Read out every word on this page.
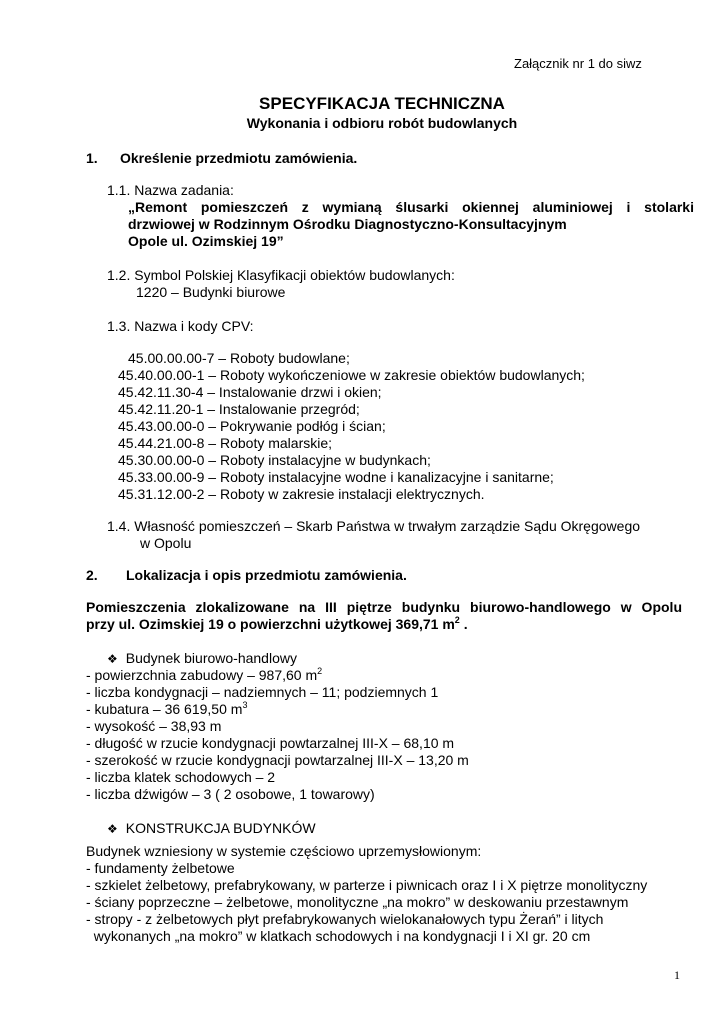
Załącznik nr 1 do siwz
SPECYFIKACJA TECHNICZNA
Wykonania i odbioru robót budowlanych
1. Określenie przedmiotu zamówienia.
1.1. Nazwa zadania:
„Remont pomieszczeń z wymianą ślusarki okiennej aluminiowej i stolarki
drzwiowej w Rodzinnym Ośrodku Diagnostyczno-Konsultacyjnym
Opole ul. Ozimskiej 19”
1.2. Symbol Polskiej Klasyfikacji obiektów budowlanych:
1220 – Budynki biurowe
1.3. Nazwa i kody CPV:
45.00.00.00-7 – Roboty budowlane;
45.40.00.00-1 – Roboty wykończeniowe w zakresie obiektów budowlanych;
45.42.11.30-4 – Instalowanie drzwi i okien;
45.42.11.20-1 – Instalowanie przegród;
45.43.00.00-0 – Pokrywanie podłóg i ścian;
45.44.21.00-8 – Roboty malarskie;
45.30.00.00-0 – Roboty instalacyjne w budynkach;
45.33.00.00-9 – Roboty instalacyjne wodne i kanalizacyjne i sanitarne;
45.31.12.00-2 – Roboty w zakresie instalacji elektrycznych.
1.4. Własność pomieszczeń – Skarb Państwa w trwałym zarządzie Sądu Okręgowego
w Opolu
2. Lokalizacja i opis przedmiotu zamówienia.
Pomieszczenia zlokalizowane na III piętrze budynku biurowo-handlowego w Opolu
przy ul. Ozimskiej 19 o powierzchni użytkowej 369,71 $m^2$ .
❖ Budynek biurowo-handlowy
- powierzchnia zabudowy – 987,60 $m^2$
- liczba kondygnacji – nadziemnych – 11; podziemnych 1
- kubatura – 36 619,50 $m^3$
- wysokość – 38,93 m
- długość w rzucie kondygnacji powtarzalnej III-X – 68,10 m
- szerokość w rzucie kondygnacji powtarzalnej III-X – 13,20 m
- liczba klatek schodowych – 2
- liczba dźwigów – 3 ( 2 osobowe, 1 towarowy)
❖ KONSTRUKCJA BUDYNKÓW
Budynek wzniesiony w systemie częściowo uprzemysłowionym:
- fundamenty żelbetowe
- szkielet żelbetowy, prefabrykowany, w parterze i piwnicach oraz I i X piętrze monolityczny
- ściany poprzeczne – żelbetowe, monolityczne „na mokro” w deskowaniu przestawnym
- stropy - z żelbetowych płyt prefabrykowanych wielokanałowych typu Żerań” i litych
wykonanych „na mokro” w klatkach schodowych i na kondygnacji I i XI gr. 20 cm
1
